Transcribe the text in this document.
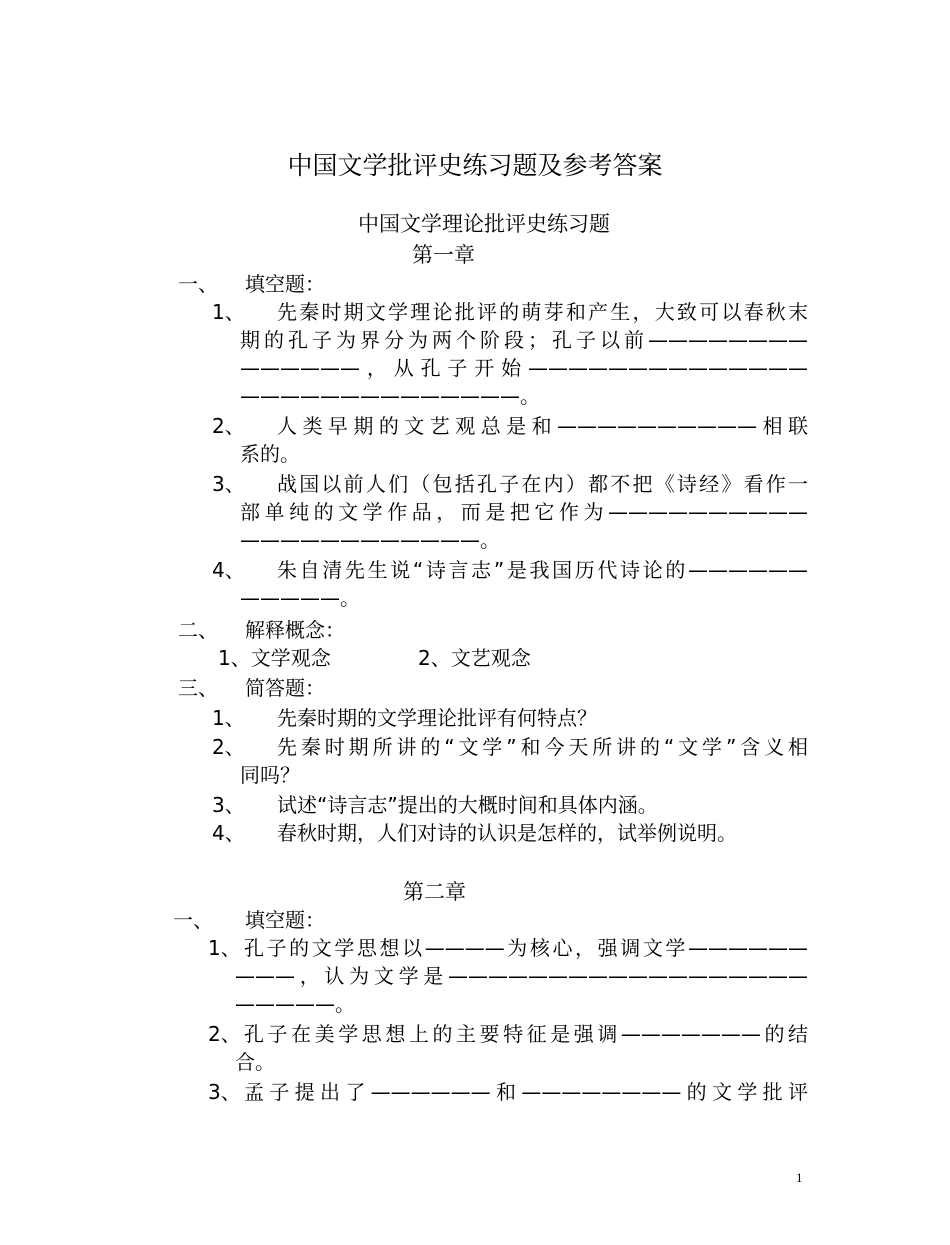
中国文学批评史练习题及参考答案
中国文学理论批评史练习题
第一章
一、 填空题：
1、 先秦时期文学理论批评的萌芽和产生，大致可以春秋末
期的孔子为界分为两个阶段；孔子以前————————
——————，从孔子开始——————————————
——————————————。
2、 人类早期的文艺观总是和——————————相联
系的。
3、 战国以前人们（包括孔子在内）都不把《诗经》看作一
部单纯的文学作品，而是把它作为——————————
————————————。
4、 朱自清先生说“诗言志”是我国历代诗论的——————
—————。
二、 解释概念：
1、文学观念	2、文艺观念
三、 简答题：
1、 先秦时期的文学理论批评有何特点？
2、 先秦时期所讲的“文学”和今天所讲的“文学”含义相
同吗？
3、 试述“诗言志”提出的大概时间和具体内涵。
4、 春秋时期，人们对诗的认识是怎样的，试举例说明。
第二章
一、 填空题：
1、 孔子的文学思想以————为核心，强调文学——————
———，认为文学是——————————————————
—————。
2、 孔子在美学思想上的主要特征是强调———————的结
合。
3、 孟子提出了——————和————————的文学批评
1
